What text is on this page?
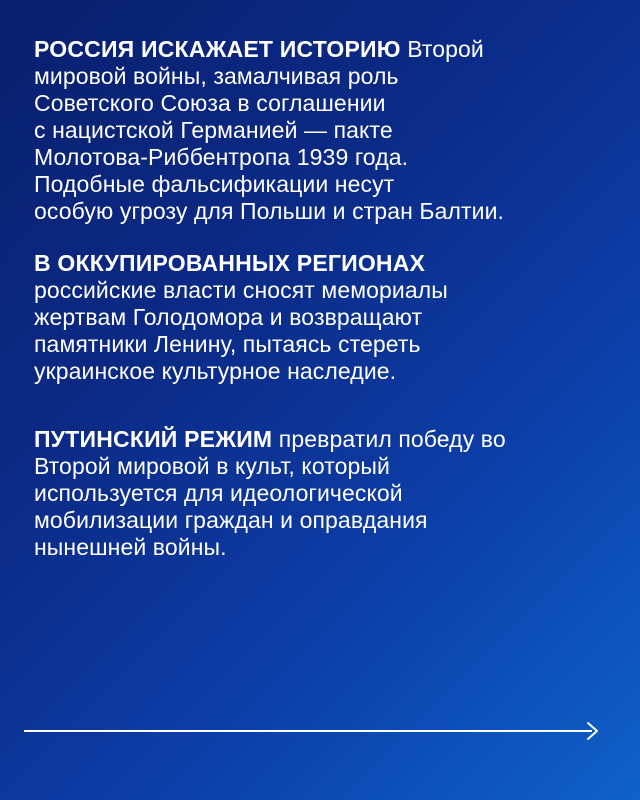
РОССИЯ ИСКАЖАЕТ ИСТОРИЮ Второй
мировой войны, замалчивая роль
Советского Союза в соглашении
с нацистской Германией — пакте
Молотова-Риббентропа 1939 года.
Подобные фальсификации несут
особую угрозу для Польши и стран Балтии.

В ОККУПИРОВАННЫХ РЕГИОНАХ
российские власти сносят мемориалы
жертвам Голодомора и возвращают
памятники Ленину, пытаясь стереть
украинское культурное наследие.

ПУТИНСКИЙ РЕЖИМ превратил победу во
Второй мировой в культ, который
используется для идеологической
мобилизации граждан и оправдания
нынешней войны.
